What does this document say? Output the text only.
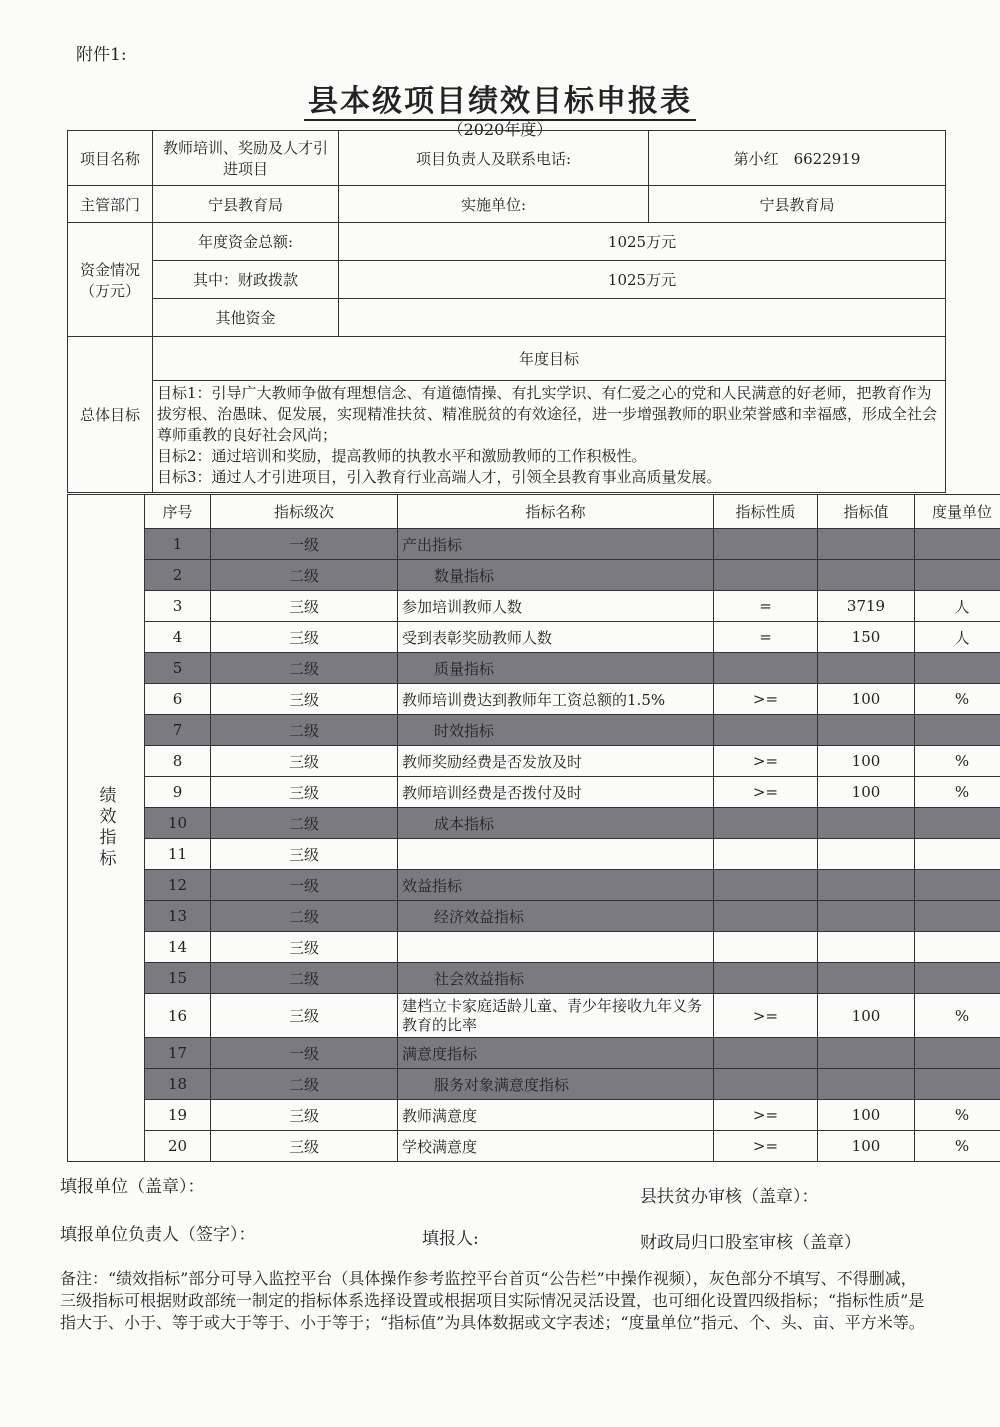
附件1:
县本级项目绩效目标申报表
（2020年度）
项目名称	教师培训、奖励及人才引进项目	项目负责人及联系电话:	第小红　6622919
主管部门	宁县教育局	实施单位:	宁县教育局
资金情况（万元）	年度资金总额:	1025万元
	其中：财政拨款	1025万元
	其他资金	
总体目标	年度目标

目标1：引导广大教师争做有理想信念、有道德情操、有扎实学识、有仁爱之心的党和人民满意的好老师，把教育作为拔穷根、治愚昧、促发展，实现精准扶贫、精准脱贫的有效途径，进一步增强教师的职业荣誉感和幸福感，形成全社会尊师重教的良好社会风尚；
目标2：通过培训和奖励，提高教师的执教水平和激励教师的工作积极性。
目标3：通过人才引进项目，引入教育行业高端人才，引领全县教育事业高质量发展。
绩效指标	序号	指标级次	指标名称	指标性质	指标值	度量单位
	1	一级	产出指标			
	2	二级	数量指标			
	3	三级	参加培训教师人数	=	3719	人
	4	三级	受到表彰奖励教师人数	=	150	人
	5	二级	质量指标			
	6	三级	教师培训费达到教师年工资总额的1.5%	>=	100	%
	7	二级	时效指标			
	8	三级	教师奖励经费是否发放及时	>=	100	%
	9	三级	教师培训经费是否拨付及时	>=	100	%
	10	二级	成本指标			
	11	三级				
	12	一级	效益指标			
	13	二级	经济效益指标			
	14	三级				
	15	二级	社会效益指标			
	16	三级	建档立卡家庭适龄儿童、青少年接收九年义务教育的比率	>=	100	%
	17	一级	满意度指标			
	18	二级	服务对象满意度指标			
	19	三级	教师满意度	>=	100	%
	20	三级	学校满意度	>=	100	%
填报单位（盖章）：	县扶贫办审核（盖章）：
填报单位负责人（签字）：	填报人:	财政局归口股室审核（盖章）
备注：“绩效指标”部分可导入监控平台（具体操作参考监控平台首页“公告栏”中操作视频），灰色部分不填写、不得删减，三级指标可根据财政部统一制定的指标体系选择设置或根据项目实际情况灵活设置，也可细化设置四级指标；“指标性质”是指大于、小于、等于或大于等于、小于等于；“指标值”为具体数据或文字表述；“度量单位”指元、个、头、亩、平方米等。
